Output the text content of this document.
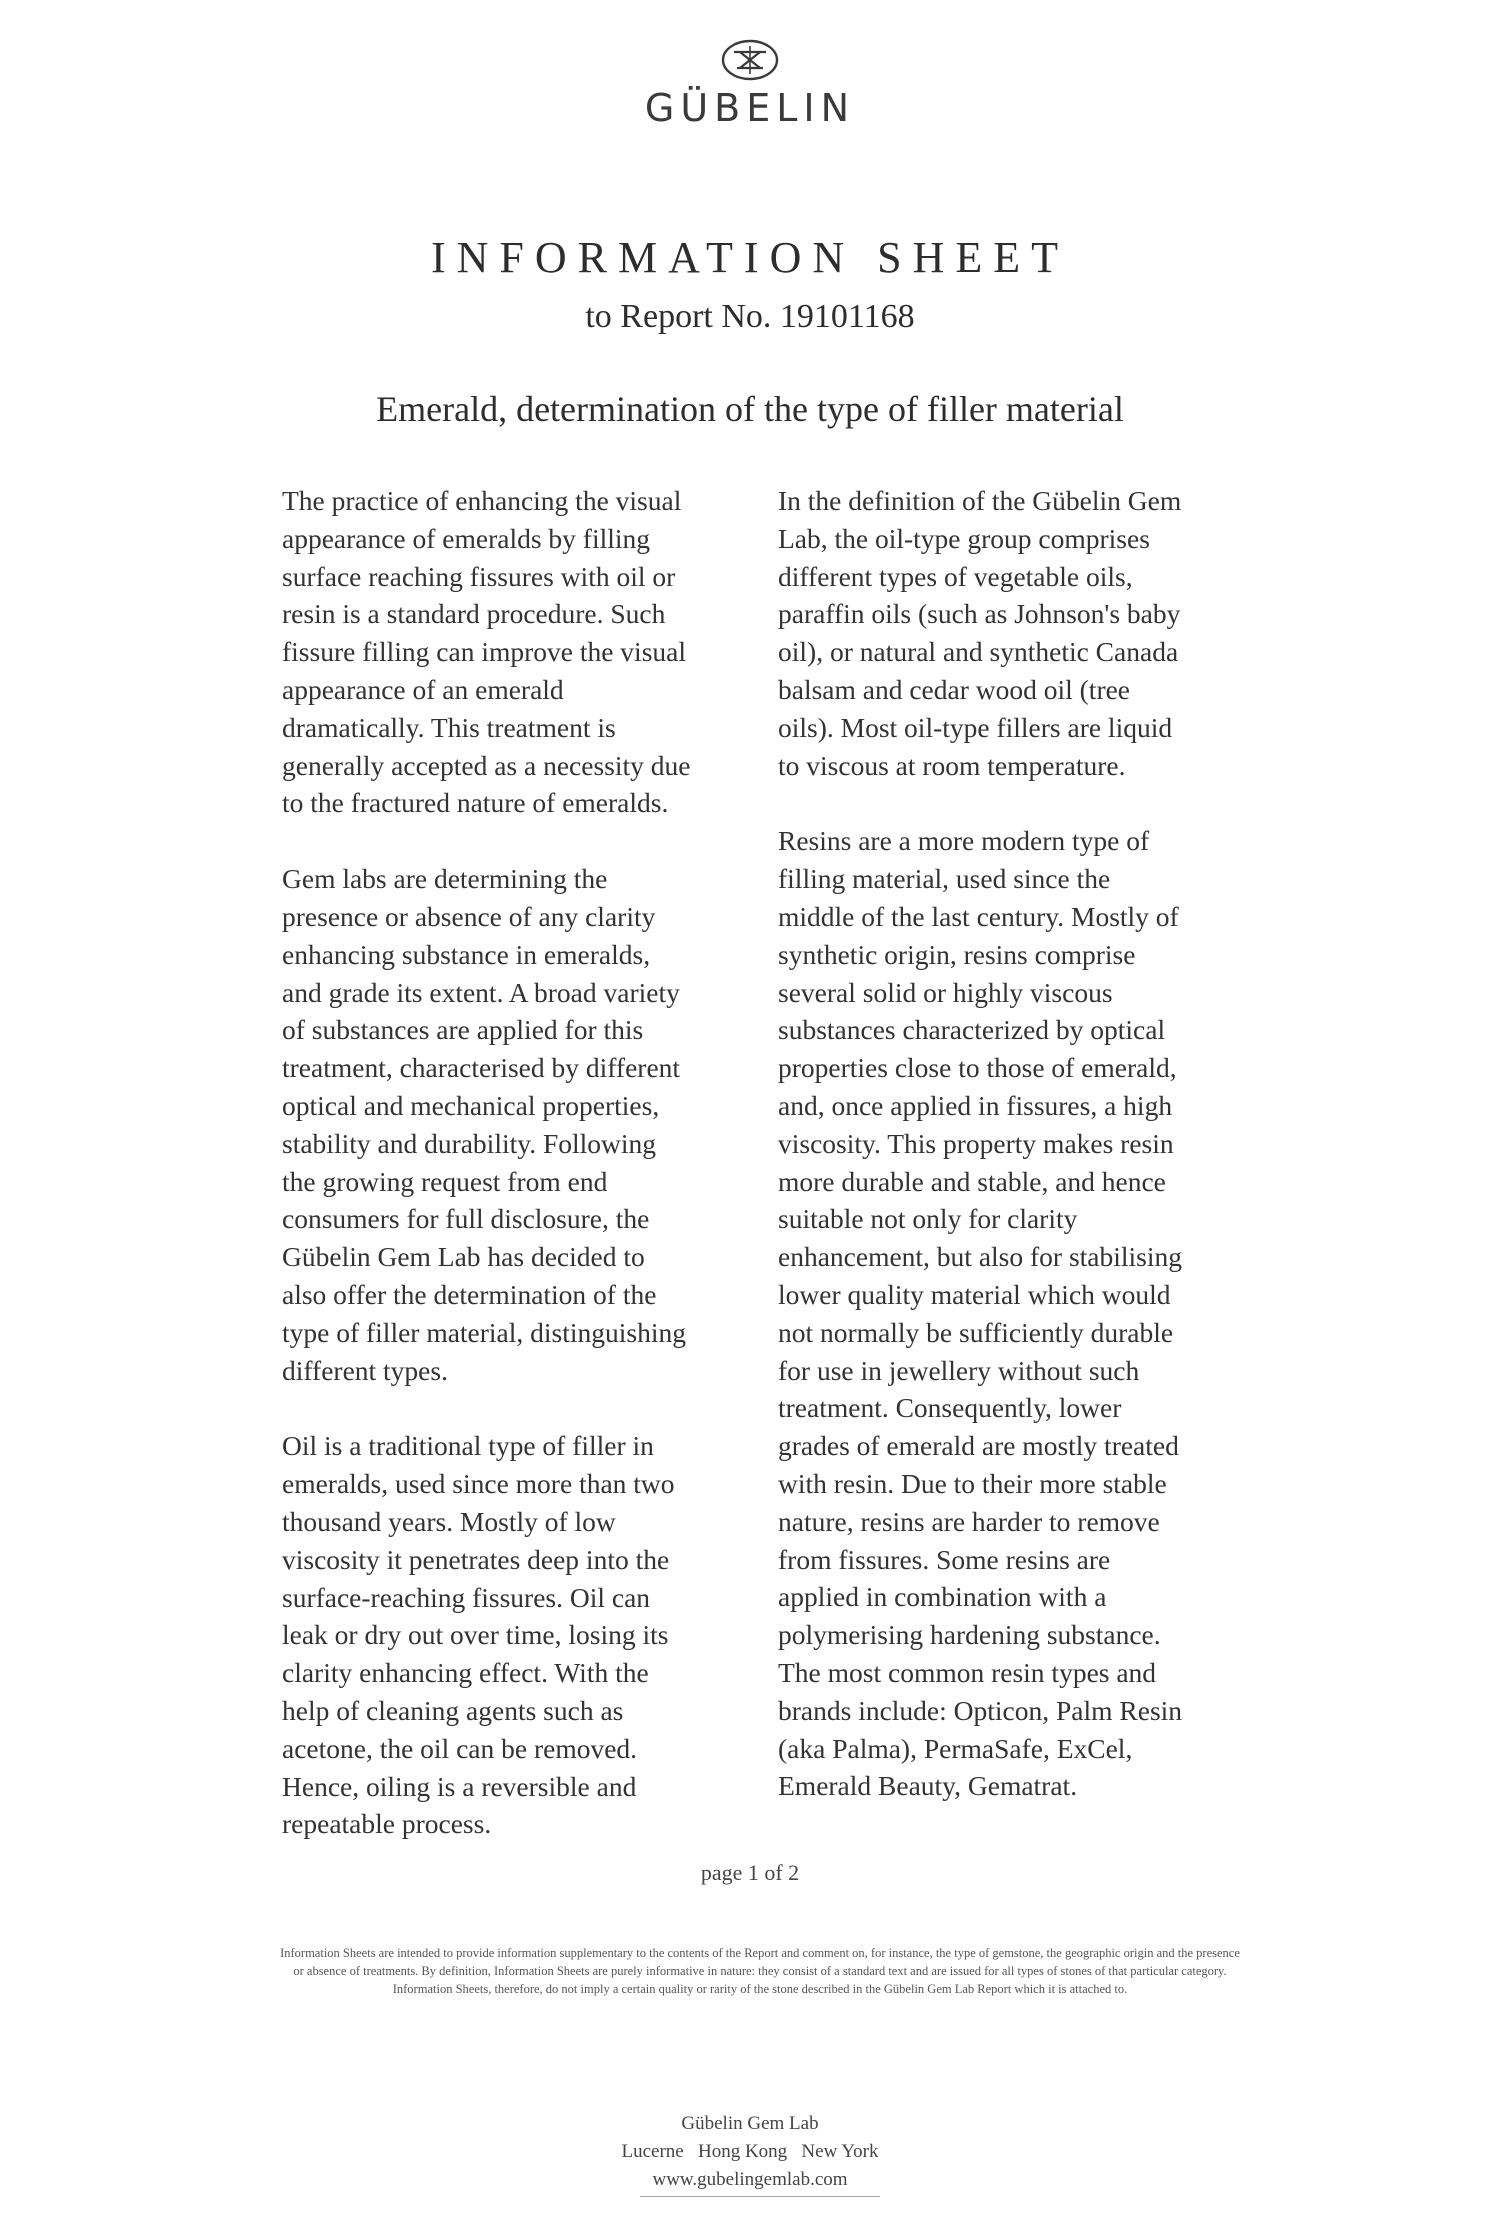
GÜBELIN
INFORMATION SHEET
to Report No. 19101168
Emerald, determination of the type of filler material

The practice of enhancing the visual
appearance of emeralds by filling
surface reaching fissures with oil or
resin is a standard procedure. Such
fissure filling can improve the visual
appearance of an emerald
dramatically. This treatment is
generally accepted as a necessity due
to the fractured nature of emeralds.

Gem labs are determining the
presence or absence of any clarity
enhancing substance in emeralds,
and grade its extent. A broad variety
of substances are applied for this
treatment, characterised by different
optical and mechanical properties,
stability and durability. Following
the growing request from end
consumers for full disclosure, the
Gübelin Gem Lab has decided to
also offer the determination of the
type of filler material, distinguishing
different types.

Oil is a traditional type of filler in
emeralds, used since more than two
thousand years. Mostly of low
viscosity it penetrates deep into the
surface-reaching fissures. Oil can
leak or dry out over time, losing its
clarity enhancing effect. With the
help of cleaning agents such as
acetone, the oil can be removed.
Hence, oiling is a reversible and
repeatable process.

In the definition of the Gübelin Gem
Lab, the oil-type group comprises
different types of vegetable oils,
paraffin oils (such as Johnson's baby
oil), or natural and synthetic Canada
balsam and cedar wood oil (tree
oils). Most oil-type fillers are liquid
to viscous at room temperature.

Resins are a more modern type of
filling material, used since the
middle of the last century. Mostly of
synthetic origin, resins comprise
several solid or highly viscous
substances characterized by optical
properties close to those of emerald,
and, once applied in fissures, a high
viscosity. This property makes resin
more durable and stable, and hence
suitable not only for clarity
enhancement, but also for stabilising
lower quality material which would
not normally be sufficiently durable
for use in jewellery without such
treatment. Consequently, lower
grades of emerald are mostly treated
with resin. Due to their more stable
nature, resins are harder to remove
from fissures. Some resins are
applied in combination with a
polymerising hardening substance.
The most common resin types and
brands include: Opticon, Palm Resin
(aka Palma), PermaSafe, ExCel,
Emerald Beauty, Gematrat.

page 1 of 2
Information Sheets are intended to provide information supplementary to the contents of the Report and comment on, for instance, the type of gemstone, the geographic origin and the presence or absence of treatments. By definition, Information Sheets are purely informative in nature: they consist of a standard text and are issued for all types of stones of that particular category. Information Sheets, therefore, do not imply a certain quality or rarity of the stone described in the Gübelin Gem Lab Report which it is attached to.
Gübelin Gem Lab
Lucerne   Hong Kong   New York
www.gubelingemlab.com
